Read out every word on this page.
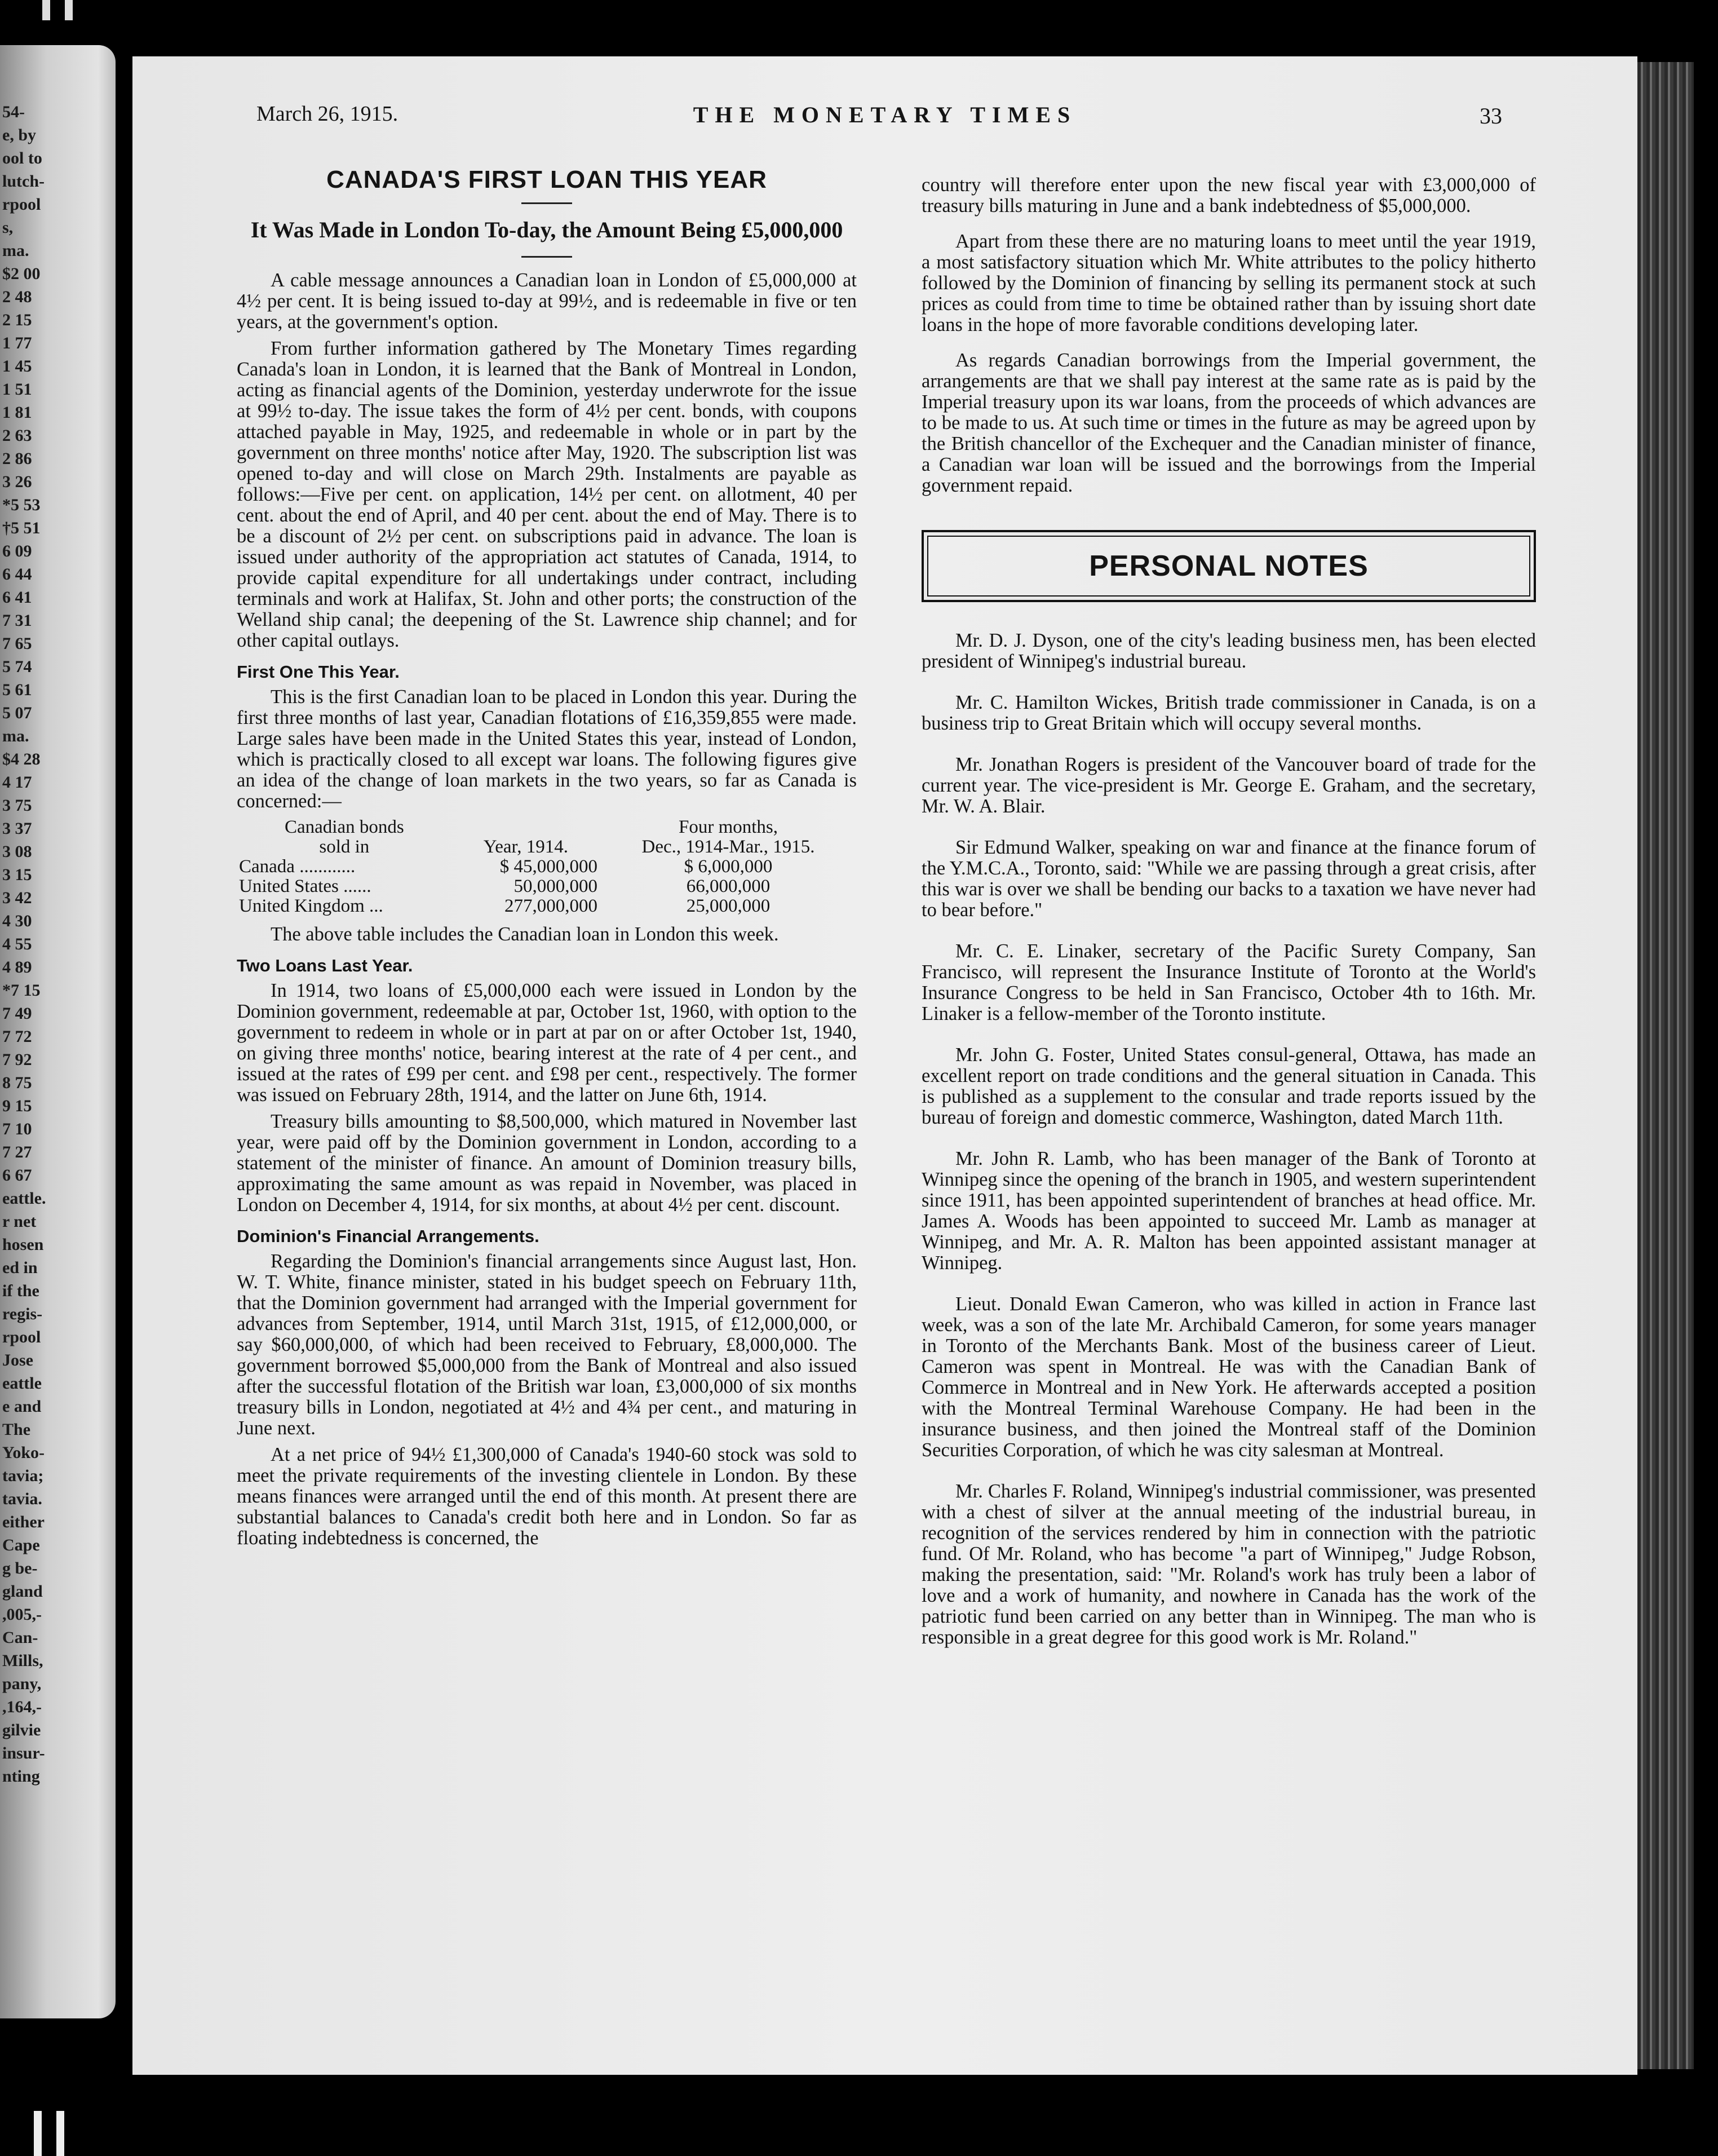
54-
e, by
ool to
lutch-
rpool
s,
ma.
$2 00
2 48
2 15
1 77
1 45
1 51
1 81
2 63
2 86
3 26
*5 53
†5 51
6 09
6 44
6 41
7 31
7 65
5 74
5 61
5 07
ma.
$4 28
4 17
3 75
3 37
3 08
3 15
3 42
4 30
4 55
4 89
*7 15
7 49
7 72
7 92
8 75
9 15
7 10
7 27
6 67
eattle.
r net
hosen
ed in
if the
regis-
rpool
Jose
eattle
e and
The
Yoko-
tavia;
tavia.
either
Cape
g be-
gland
,005,-
Can-
Mills,
pany,
,164,-
gilvie
insur-
nting
March 26, 1915.	THE MONETARY TIMES	33
CANADA'S FIRST LOAN THIS YEAR
It Was Made in London To-day, the Amount Being £5,000,000

A cable message announces a Canadian loan in London of £5,000,000 at 4½ per cent. It is being issued to-day at 99½, and is redeemable in five or ten years, at the government's option.

From further information gathered by The Monetary Times regarding Canada's loan in London, it is learned that the Bank of Montreal in London, acting as financial agents of the Dominion, yesterday underwrote for the issue at 99½ to-day. The issue takes the form of 4½ per cent. bonds, with coupons attached payable in May, 1925, and redeemable in whole or in part by the government on three months' notice after May, 1920. The subscription list was opened to-day and will close on March 29th. Instalments are payable as follows:—Five per cent. on application, 14½ per cent. on allotment, 40 per cent. about the end of April, and 40 per cent. about the end of May. There is to be a discount of 2½ per cent. on subscriptions paid in advance. The loan is issued under authority of the appropriation act statutes of Canada, 1914, to provide capital expenditure for all undertakings under contract, including terminals and work at Halifax, St. John and other ports; the construction of the Welland ship canal; the deepening of the St. Lawrence ship channel; and for other capital outlays.

First One This Year.

This is the first Canadian loan to be placed in London this year. During the first three months of last year, Canadian flotations of £16,359,855 were made. Large sales have been made in the United States this year, instead of London, which is practically closed to all except war loans. The following figures give an idea of the change of loan markets in the two years, so far as Canada is concerned:—

Canadian bonds		Four months,
sold in	Year, 1914.	Dec., 1914-Mar., 1915.
Canada ............	$ 45,000,000	$ 6,000,000
United States ......	50,000,000	66,000,000
United Kingdom ...	277,000,000	25,000,000

The above table includes the Canadian loan in London this week.

Two Loans Last Year.

In 1914, two loans of £5,000,000 each were issued in London by the Dominion government, redeemable at par, October 1st, 1960, with option to the government to redeem in whole or in part at par on or after October 1st, 1940, on giving three months' notice, bearing interest at the rate of 4 per cent., and issued at the rates of £99 per cent. and £98 per cent., respectively. The former was issued on February 28th, 1914, and the latter on June 6th, 1914.

Treasury bills amounting to $8,500,000, which matured in November last year, were paid off by the Dominion government in London, according to a statement of the minister of finance. An amount of Dominion treasury bills, approximating the same amount as was repaid in November, was placed in London on December 4, 1914, for six months, at about 4½ per cent. discount.

Dominion's Financial Arrangements.

Regarding the Dominion's financial arrangements since August last, Hon. W. T. White, finance minister, stated in his budget speech on February 11th, that the Dominion government had arranged with the Imperial government for advances from September, 1914, until March 31st, 1915, of £12,000,000, or say $60,000,000, of which had been received to February, £8,000,000. The government borrowed $5,000,000 from the Bank of Montreal and also issued after the successful flotation of the British war loan, £3,000,000 of six months treasury bills in London, negotiated at 4½ and 4¾ per cent., and maturing in June next.

At a net price of 94½ £1,300,000 of Canada's 1940-60 stock was sold to meet the private requirements of the investing clientele in London. By these means finances were arranged until the end of this month. At present there are substantial balances to Canada's credit both here and in London. So far as floating indebtedness is concerned, the

country will therefore enter upon the new fiscal year with £3,000,000 of treasury bills maturing in June and a bank indebtedness of $5,000,000.

Apart from these there are no maturing loans to meet until the year 1919, a most satisfactory situation which Mr. White attributes to the policy hitherto followed by the Dominion of financing by selling its permanent stock at such prices as could from time to time be obtained rather than by issuing short date loans in the hope of more favorable conditions developing later.

As regards Canadian borrowings from the Imperial government, the arrangements are that we shall pay interest at the same rate as is paid by the Imperial treasury upon its war loans, from the proceeds of which advances are to be made to us. At such time or times in the future as may be agreed upon by the British chancellor of the Exchequer and the Canadian minister of finance, a Canadian war loan will be issued and the borrowings from the Imperial government repaid.

PERSONAL NOTES

Mr. D. J. Dyson, one of the city's leading business men, has been elected president of Winnipeg's industrial bureau.

Mr. C. Hamilton Wickes, British trade commissioner in Canada, is on a business trip to Great Britain which will occupy several months.

Mr. Jonathan Rogers is president of the Vancouver board of trade for the current year. The vice-president is Mr. George E. Graham, and the secretary, Mr. W. A. Blair.

Sir Edmund Walker, speaking on war and finance at the finance forum of the Y.M.C.A., Toronto, said: "While we are passing through a great crisis, after this war is over we shall be bending our backs to a taxation we have never had to bear before."

Mr. C. E. Linaker, secretary of the Pacific Surety Company, San Francisco, will represent the Insurance Institute of Toronto at the World's Insurance Congress to be held in San Francisco, October 4th to 16th. Mr. Linaker is a fellow-member of the Toronto institute.

Mr. John G. Foster, United States consul-general, Ottawa, has made an excellent report on trade conditions and the general situation in Canada. This is published as a supplement to the consular and trade reports issued by the bureau of foreign and domestic commerce, Washington, dated March 11th.

Mr. John R. Lamb, who has been manager of the Bank of Toronto at Winnipeg since the opening of the branch in 1905, and western superintendent since 1911, has been appointed superintendent of branches at head office. Mr. James A. Woods has been appointed to succeed Mr. Lamb as manager at Winnipeg, and Mr. A. R. Malton has been appointed assistant manager at Winnipeg.

Lieut. Donald Ewan Cameron, who was killed in action in France last week, was a son of the late Mr. Archibald Cameron, for some years manager in Toronto of the Merchants Bank. Most of the business career of Lieut. Cameron was spent in Montreal. He was with the Canadian Bank of Commerce in Montreal and in New York. He afterwards accepted a position with the Montreal Terminal Warehouse Company. He had been in the insurance business, and then joined the Montreal staff of the Dominion Securities Corporation, of which he was city salesman at Montreal.

Mr. Charles F. Roland, Winnipeg's industrial commissioner, was presented with a chest of silver at the annual meeting of the industrial bureau, in recognition of the services rendered by him in connection with the patriotic fund. Of Mr. Roland, who has become "a part of Winnipeg," Judge Robson, making the presentation, said: "Mr. Roland's work has truly been a labor of love and a work of humanity, and nowhere in Canada has the work of the patriotic fund been carried on any better than in Winnipeg. The man who is responsible in a great degree for this good work is Mr. Roland."
